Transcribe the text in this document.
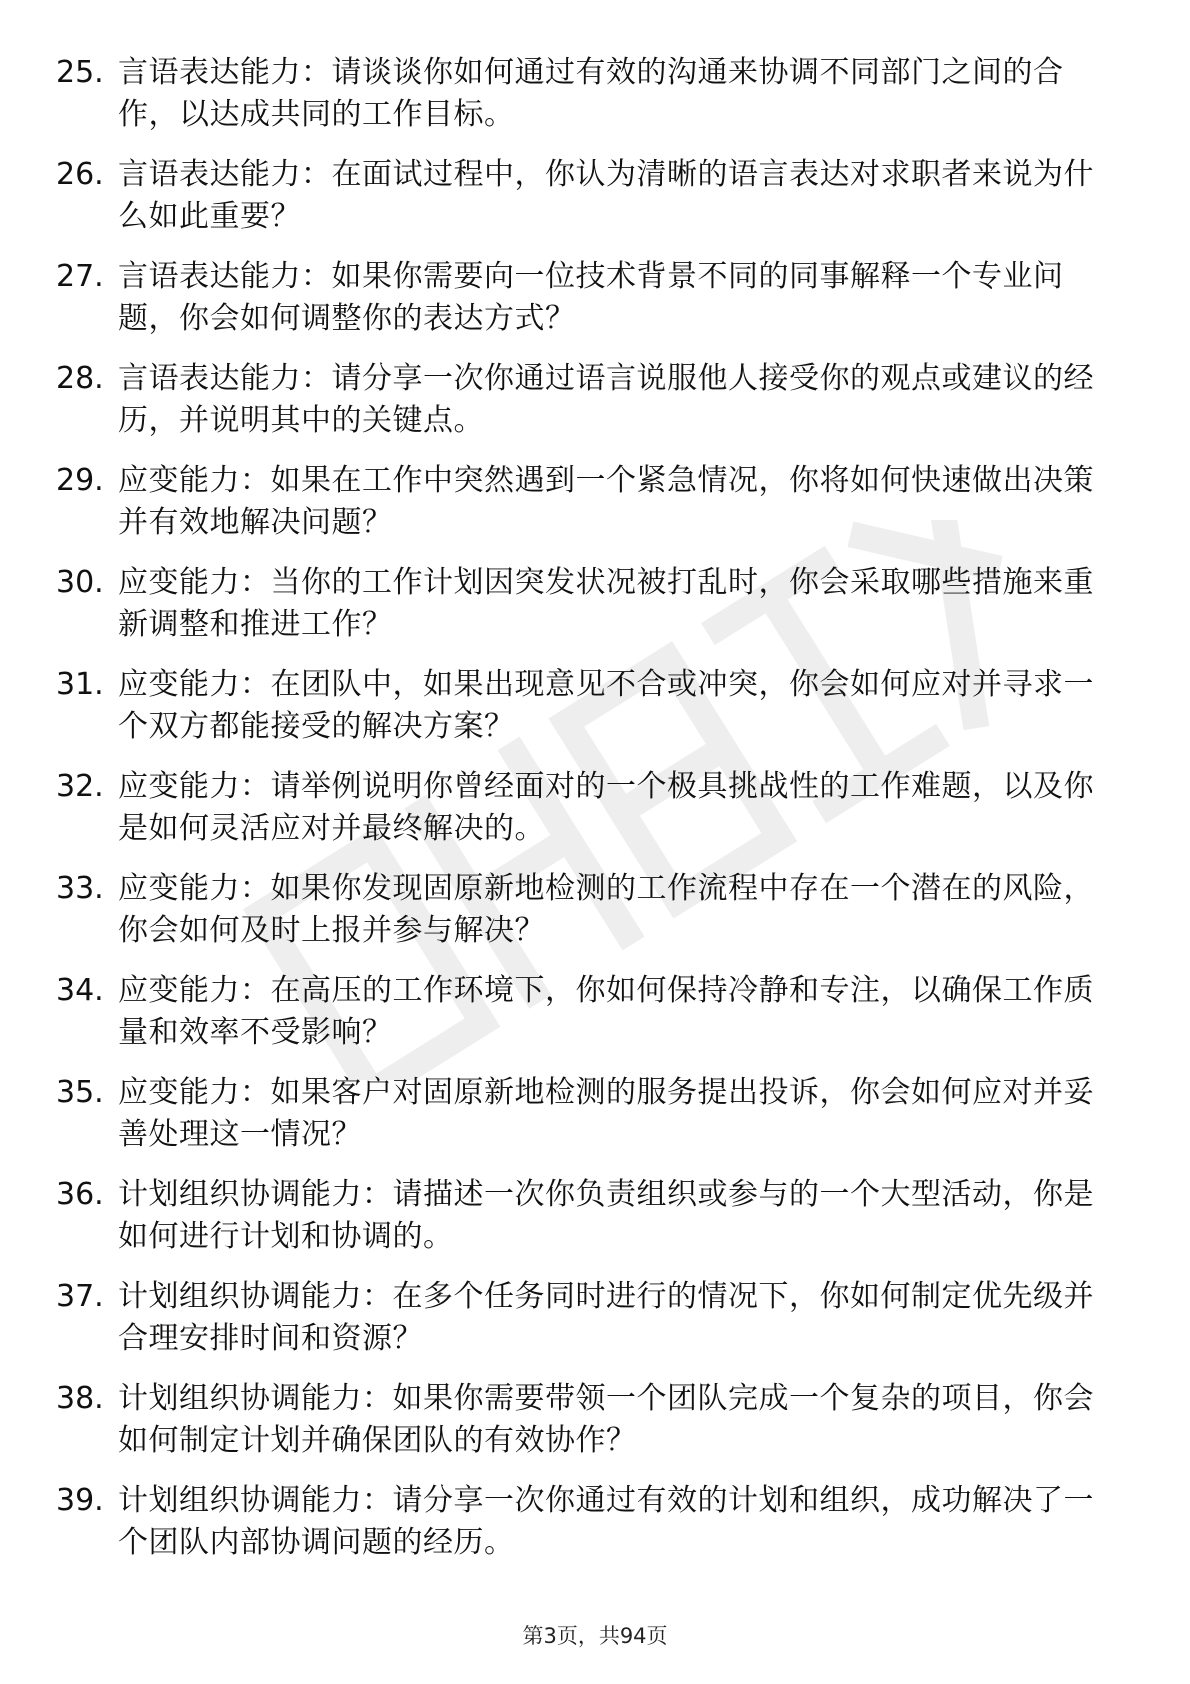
25. 言语表达能力：请谈谈你如何通过有效的沟通来协调不同部门之间的合作，以达成共同的工作目标。
26. 言语表达能力：在面试过程中，你认为清晰的语言表达对求职者来说为什么如此重要？
27. 言语表达能力：如果你需要向一位技术背景不同的同事解释一个专业问题，你会如何调整你的表达方式？
28. 言语表达能力：请分享一次你通过语言说服他人接受你的观点或建议的经历，并说明其中的关键点。
29. 应变能力：如果在工作中突然遇到一个紧急情况，你将如何快速做出决策并有效地解决问题？
30. 应变能力：当你的工作计划因突发状况被打乱时，你会采取哪些措施来重新调整和推进工作？
31. 应变能力：在团队中，如果出现意见不合或冲突，你会如何应对并寻求一个双方都能接受的解决方案？
32. 应变能力：请举例说明你曾经面对的一个极具挑战性的工作难题，以及你是如何灵活应对并最终解决的。
33. 应变能力：如果你发现固原新地检测的工作流程中存在一个潜在的风险，你会如何及时上报并参与解决？
34. 应变能力：在高压的工作环境下，你如何保持冷静和专注，以确保工作质量和效率不受影响？
35. 应变能力：如果客户对固原新地检测的服务提出投诉，你会如何应对并妥善处理这一情况？
36. 计划组织协调能力：请描述一次你负责组织或参与的一个大型活动，你是如何进行计划和协调的。
37. 计划组织协调能力：在多个任务同时进行的情况下，你如何制定优先级并合理安排时间和资源？
38. 计划组织协调能力：如果你需要带领一个团队完成一个复杂的项目，你会如何制定计划并确保团队的有效协作？
39. 计划组织协调能力：请分享一次你通过有效的计划和组织，成功解决了一个团队内部协调问题的经历。
第3页，共94页
